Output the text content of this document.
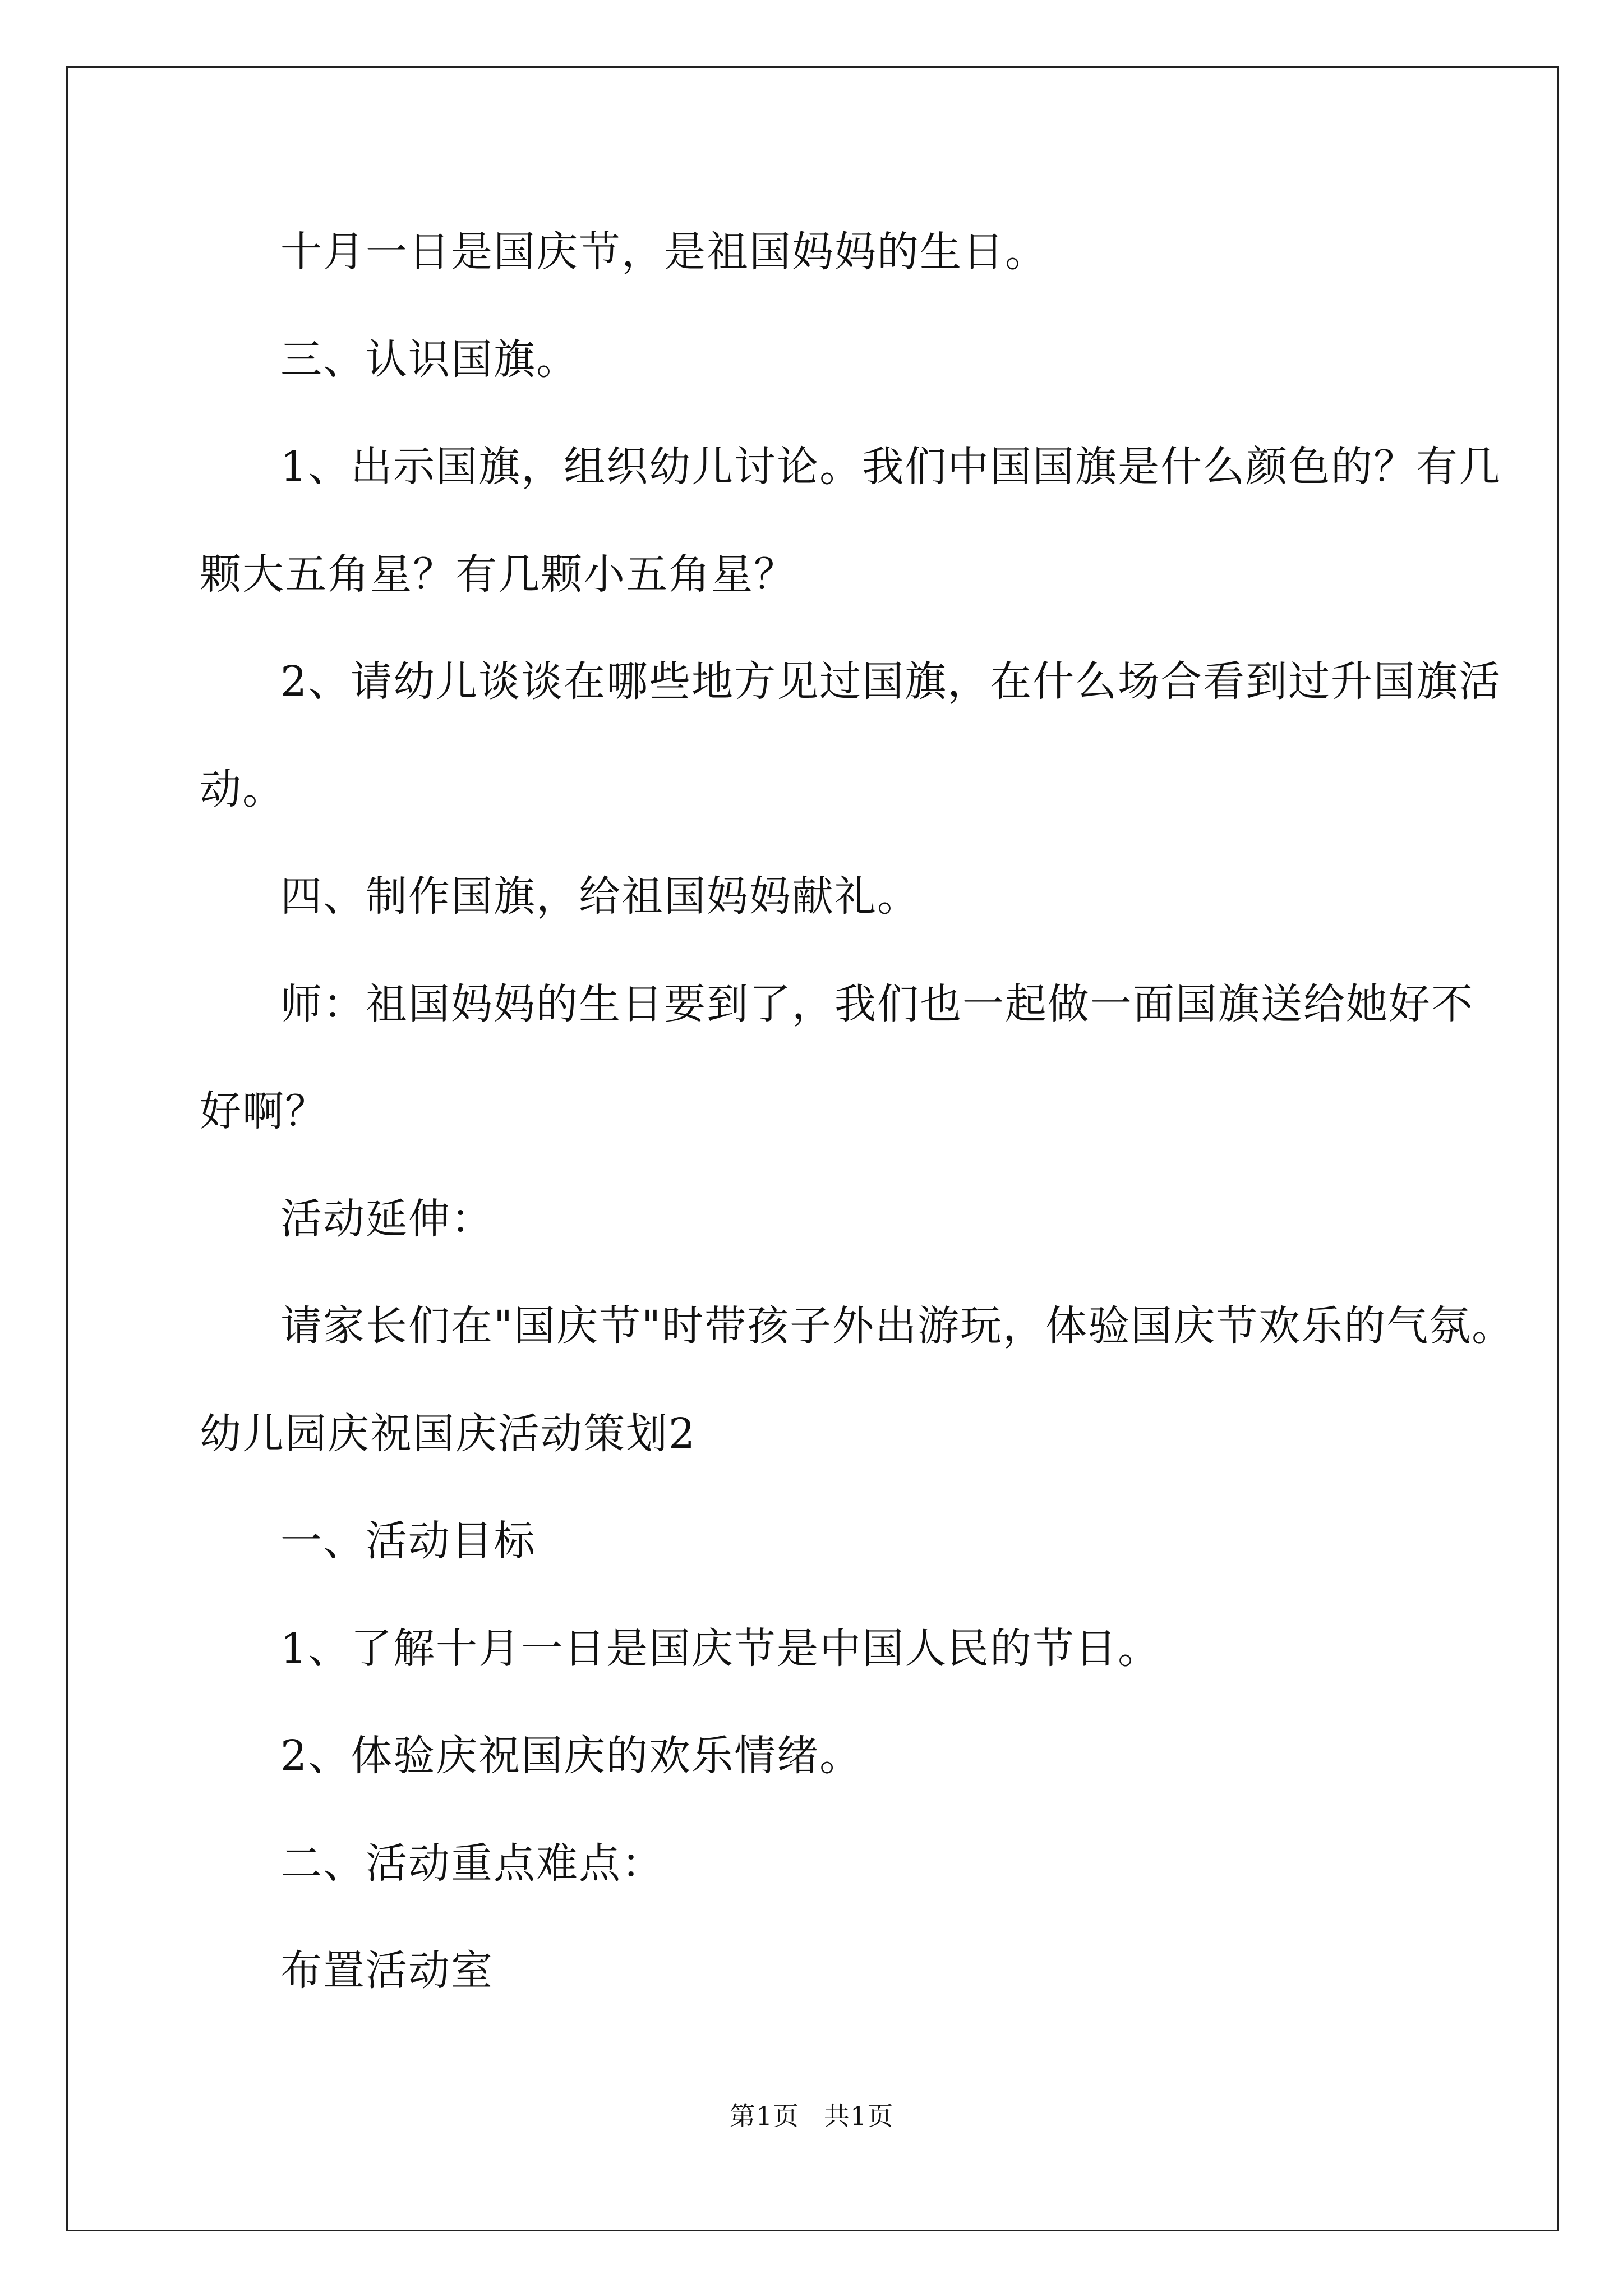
十月一日是国庆节，是祖国妈妈的生日。
三、认识国旗。
1、出示国旗，组织幼儿讨论。我们中国国旗是什么颜色的？有几
颗大五角星？有几颗小五角星？
2、请幼儿谈谈在哪些地方见过国旗，在什么场合看到过升国旗活
动。
四、制作国旗，给祖国妈妈献礼。
师：祖国妈妈的生日要到了，我们也一起做一面国旗送给她好不
好啊？
活动延伸：
请家长们在"国庆节"时带孩子外出游玩，体验国庆节欢乐的气氛。
幼儿园庆祝国庆活动策划2
一、活动目标
1、了解十月一日是国庆节是中国人民的节日。
2、体验庆祝国庆的欢乐情绪。
二、活动重点难点：
布置活动室
第1页 共1页
